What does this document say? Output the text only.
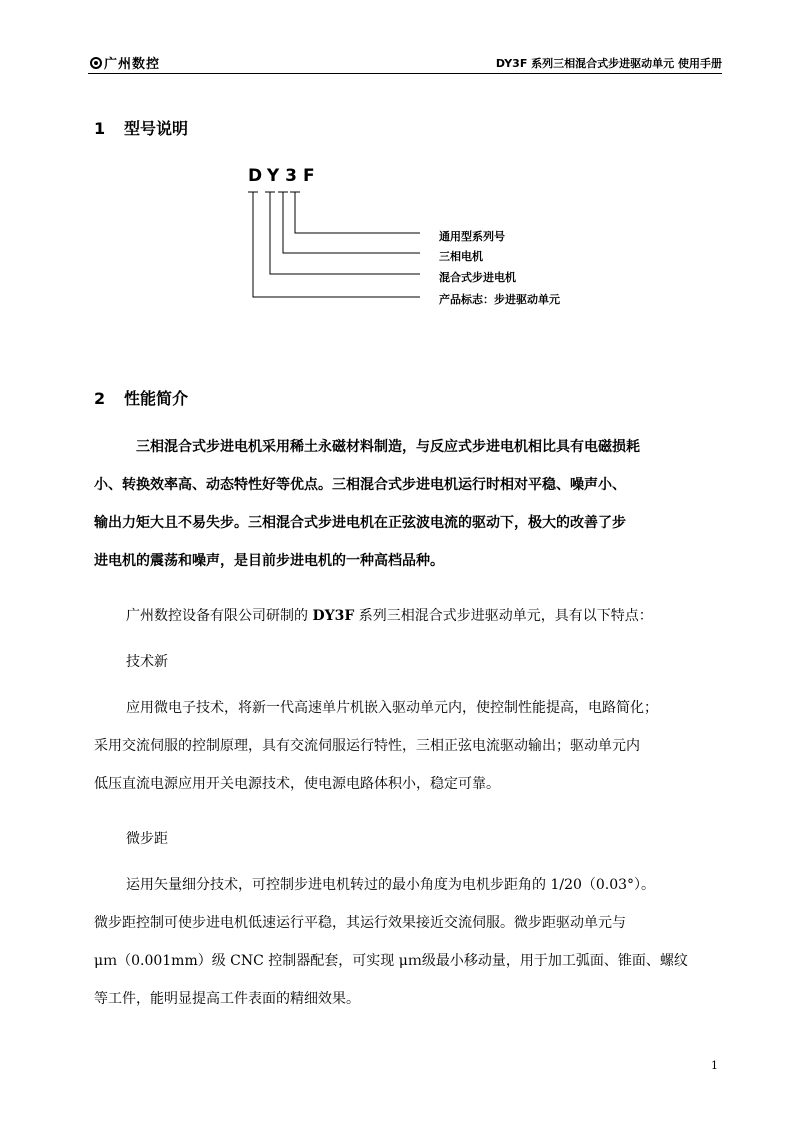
广州数控	DY3F 系列三相混合式步进驱动单元 使用手册
1 型号说明
DY3F
通用型系列号
三相电机
混合式步进电机
产品标志：步进驱动单元
2 性能简介
三相混合式步进电机采用稀土永磁材料制造，与反应式步进电机相比具有电磁损耗
小、转换效率高、动态特性好等优点。三相混合式步进电机运行时相对平稳、噪声小、
输出力矩大且不易失步。三相混合式步进电机在正弦波电流的驱动下，极大的改善了步
进电机的震荡和噪声，是目前步进电机的一种高档品种。
广州数控设备有限公司研制的 DY3F 系列三相混合式步进驱动单元，具有以下特点：
技术新
应用微电子技术，将新一代高速单片机嵌入驱动单元内，使控制性能提高，电路简化；
采用交流伺服的控制原理，具有交流伺服运行特性，三相正弦电流驱动输出；驱动单元内
低压直流电源应用开关电源技术，使电源电路体积小，稳定可靠。
微步距
运用矢量细分技术，可控制步进电机转过的最小角度为电机步距角的 1/20（0.03°）。
微步距控制可使步进电机低速运行平稳，其运行效果接近交流伺服。微步距驱动单元与
μｍ（0.001mm）级 CNC 控制器配套，可实现 μｍ级最小移动量，用于加工弧面、锥面、螺纹
等工件，能明显提高工件表面的精细效果。
1
